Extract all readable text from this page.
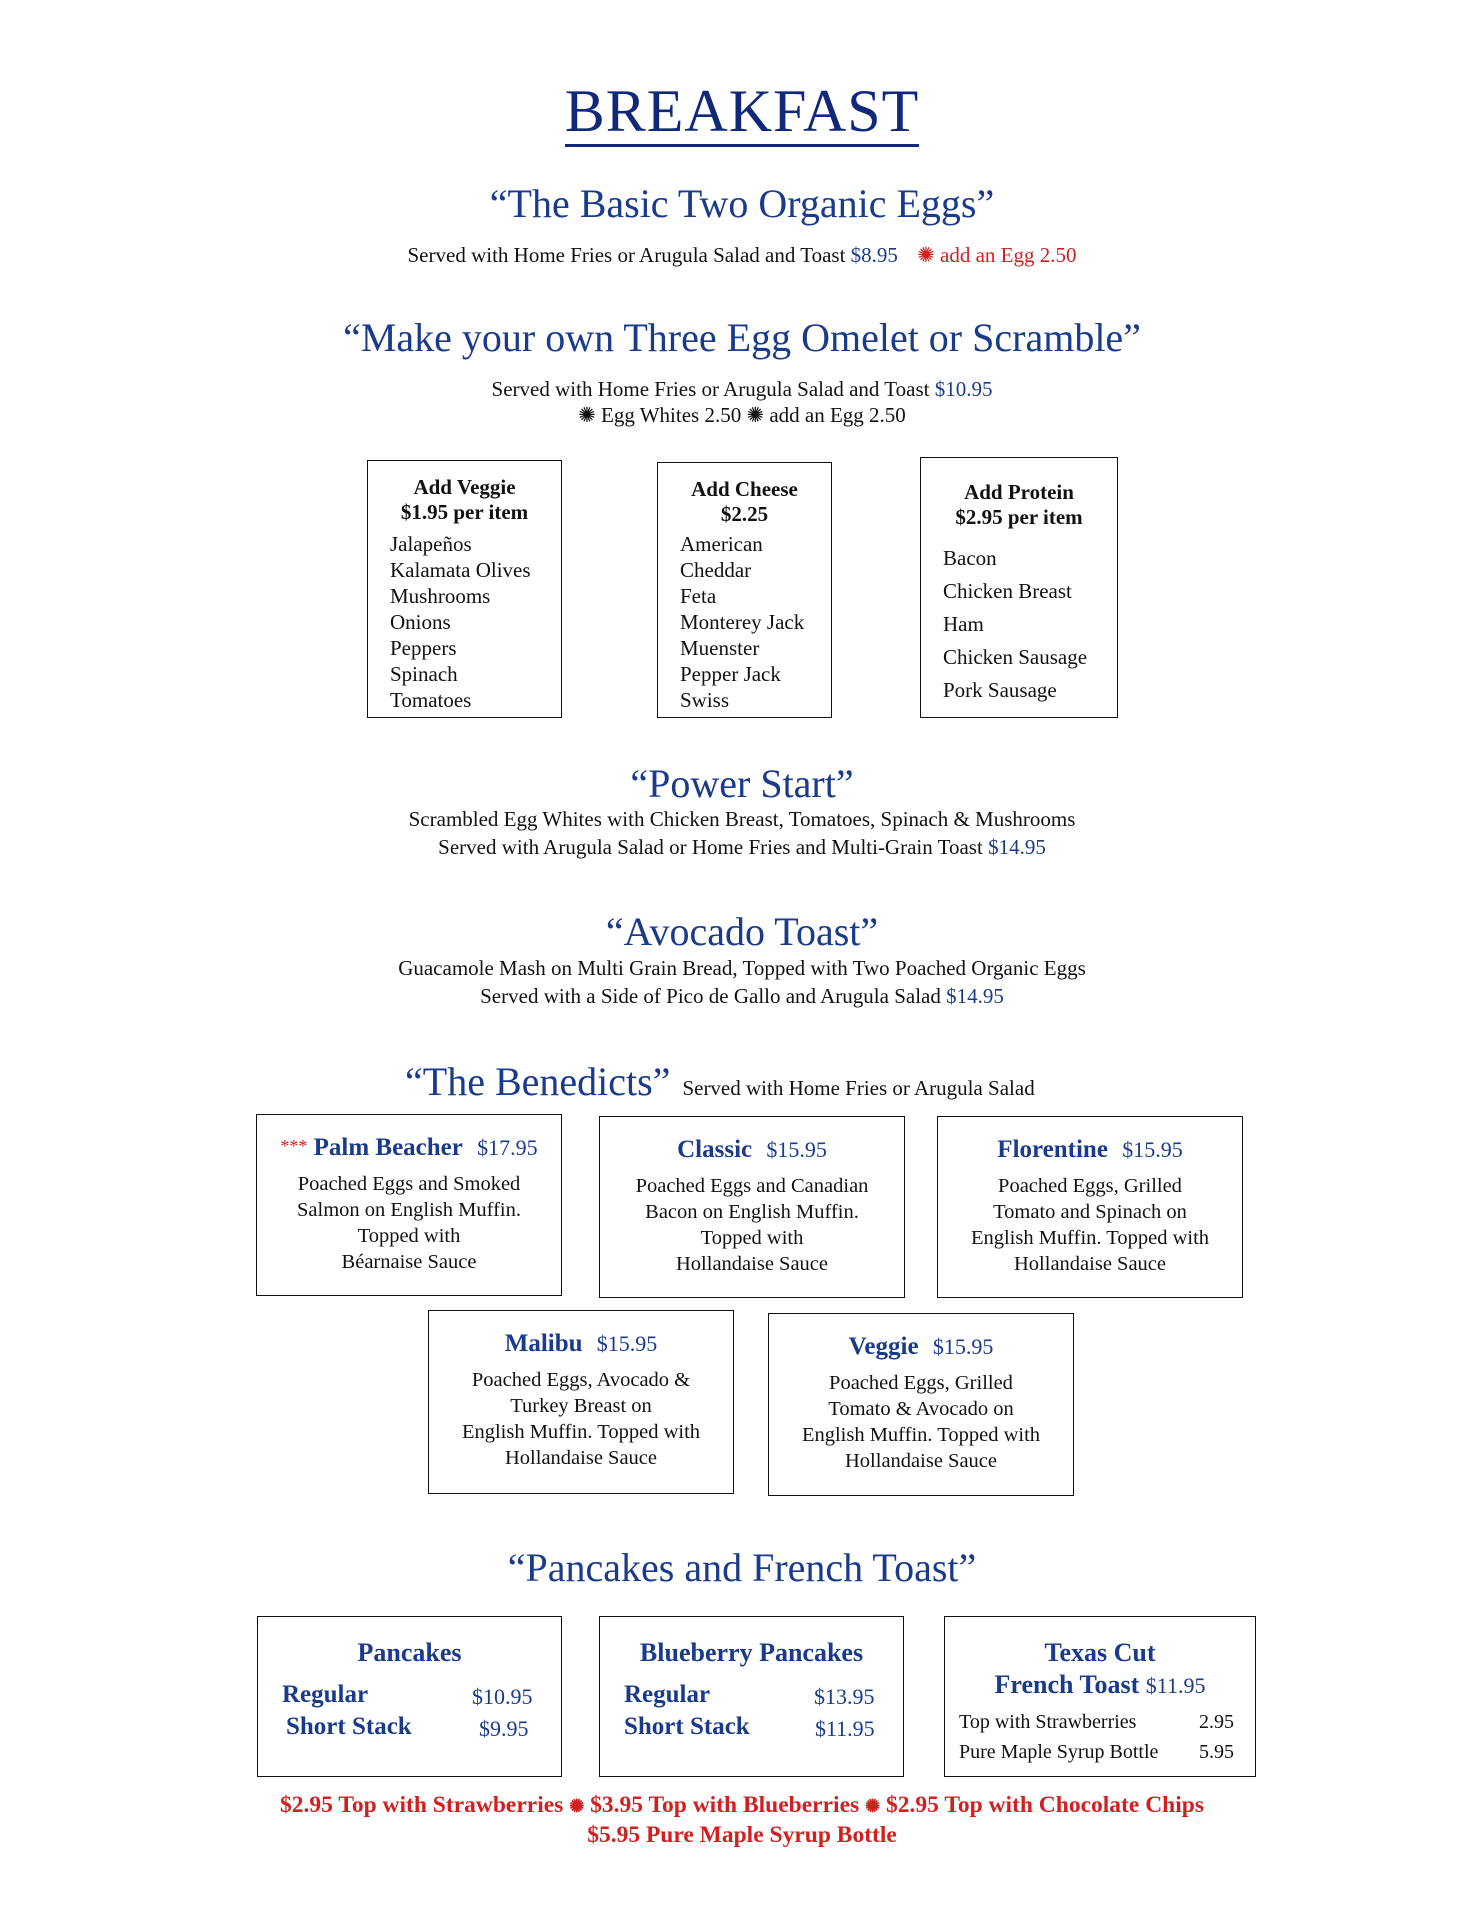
BREAKFAST
“The Basic Two Organic Eggs”
Served with Home Fries or Arugula Salad and Toast $8.95 ✺ add an Egg 2.50
“Make your own Three Egg Omelet or Scramble”
Served with Home Fries or Arugula Salad and Toast $10.95
✺ Egg Whites 2.50 ✺ add an Egg 2.50
Add Veggie
$1.95 per item
Jalapeños
Kalamata Olives
Mushrooms
Onions
Peppers
Spinach
Tomatoes
Add Cheese
$2.25
American
Cheddar
Feta
Monterey Jack
Muenster
Pepper Jack
Swiss
Add Protein
$2.95 per item
Bacon
Chicken Breast
Ham
Chicken Sausage
Pork Sausage
“Power Start”
Scrambled Egg Whites with Chicken Breast, Tomatoes, Spinach & Mushrooms
Served with Arugula Salad or Home Fries and Multi-Grain Toast $14.95
“Avocado Toast”
Guacamole Mash on Multi Grain Bread, Topped with Two Poached Organic Eggs
Served with a Side of Pico de Gallo and Arugula Salad $14.95
“The Benedicts” Served with Home Fries or Arugula Salad
*** Palm Beacher $17.95
Poached Eggs and Smoked
Salmon on English Muffin.
Topped with
Béarnaise Sauce
Classic $15.95
Poached Eggs and Canadian
Bacon on English Muffin.
Topped with
Hollandaise Sauce
Florentine $15.95
Poached Eggs, Grilled
Tomato and Spinach on
English Muffin. Topped with
Hollandaise Sauce
Malibu $15.95
Poached Eggs, Avocado &
Turkey Breast on
English Muffin. Topped with
Hollandaise Sauce
Veggie $15.95
Poached Eggs, Grilled
Tomato & Avocado on
English Muffin. Topped with
Hollandaise Sauce
“Pancakes and French Toast”
Pancakes
Regular	$10.95
Short Stack	$9.95
Blueberry Pancakes
Regular	$13.95
Short Stack	$11.95
Texas Cut
French Toast $11.95
Top with Strawberries	2.95
Pure Maple Syrup Bottle 5.95
$2.95 Top with Strawberries ✺ $3.95 Top with Blueberries ✺ $2.95 Top with Chocolate Chips
$5.95 Pure Maple Syrup Bottle
